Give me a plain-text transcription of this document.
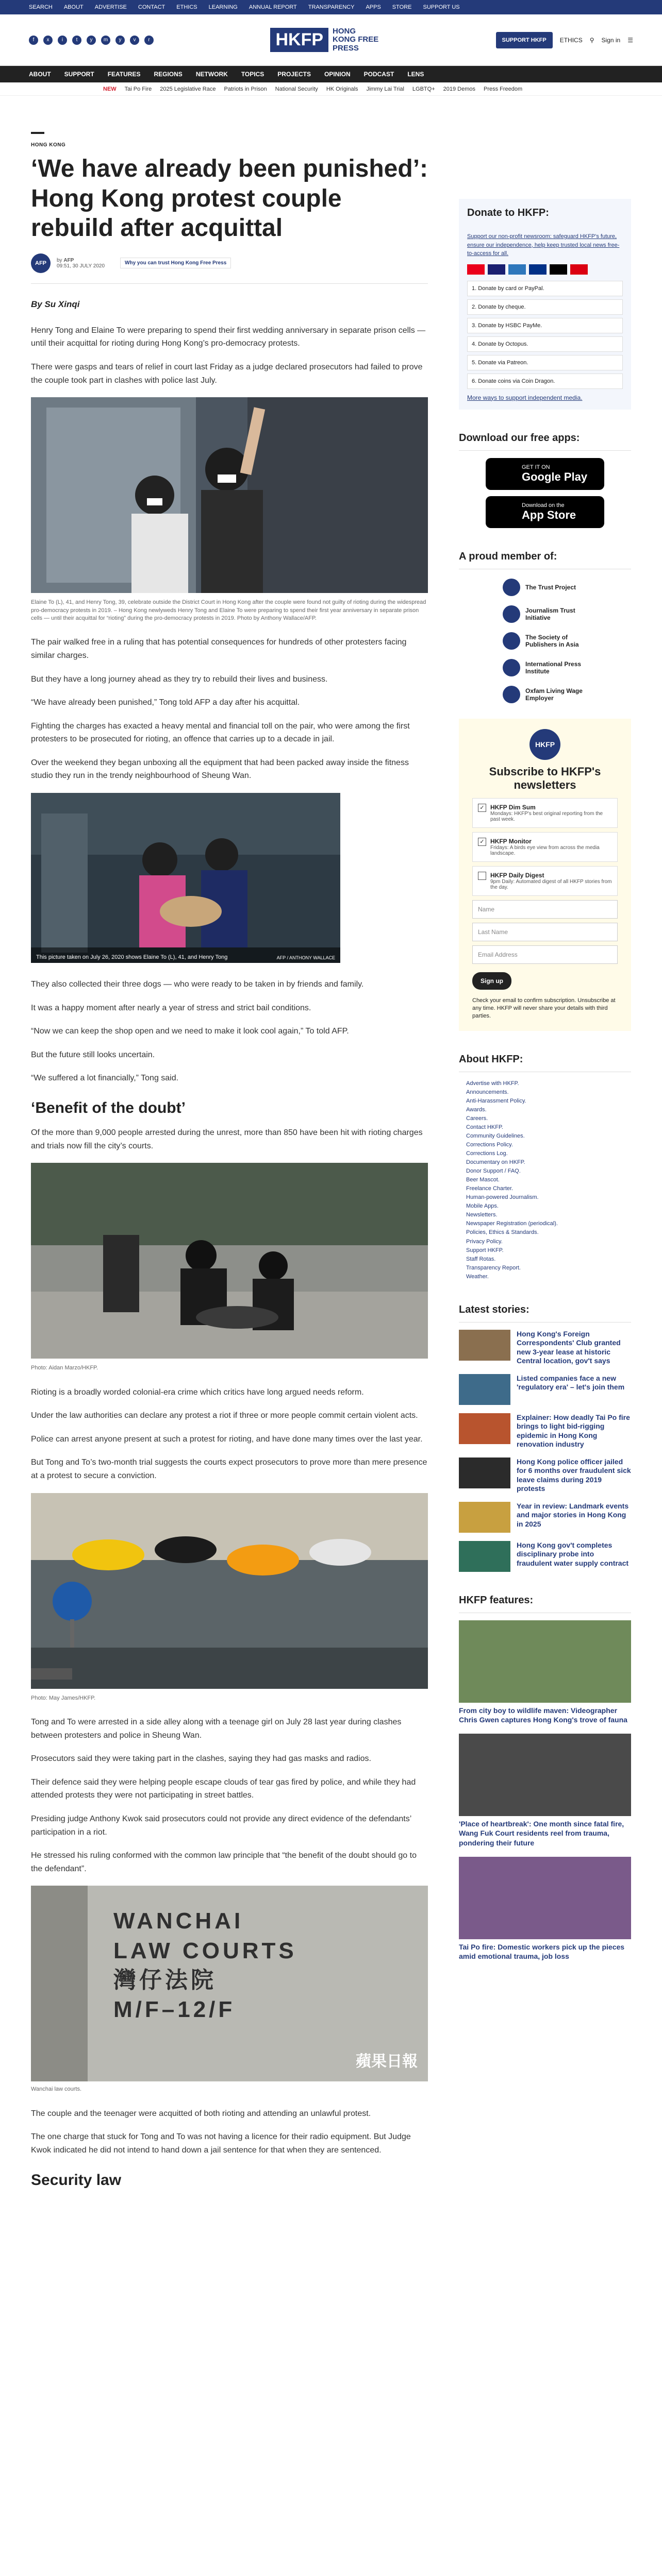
SEARCH ABOUT ADVERTISE CONTACT ETHICS LEARNING ANNUAL REPORT TRANSPARENCY APPS STORE SUPPORT US
f	x	i	t	y	m	y	v	r	HKFP	HONG KONG FREE PRESS
SUPPORT HKFP	ETHICS ⚲ Sign in ☰
ABOUT SUPPORT FEATURES REGIONS NETWORK TOPICS PROJECTS OPINION PODCAST LENS
NEW Tai Po Fire 2025 Legislative Race Patriots in Prison National Security HK Originals Jimmy Lai Trial LGBTQ+ 2019 Demos Press Freedom
HONG KONG
‘We have already been punished’: Hong Kong protest couple rebuild after acquittal
AFP	by AFP
09:51, 30 JULY 2020	Why you can trust Hong Kong Free Press
By Su Xinqi

Henry Tong and Elaine To were preparing to spend their first wedding anniversary in separate prison cells — until their acquittal for rioting during Hong Kong’s pro-democracy protests.

There were gasps and tears of relief in court last Friday as a judge declared prosecutors had failed to prove the couple took part in clashes with police last July.

Elaine To (L), 41, and Henry Tong, 39, celebrate outside the District Court in Hong Kong after the couple were found not guilty of rioting during the widespread pro-democracy protests in 2019. – Hong Kong newlyweds Henry Tong and Elaine To were preparing to spend their first year anniversary in separate prison cells — until their acquittal for “rioting” during the pro-democracy protests in 2019. Photo by Anthony Wallace/AFP.

The pair walked free in a ruling that has potential consequences for hundreds of other protesters facing similar charges.

But they have a long journey ahead as they try to rebuild their lives and business.

“We have already been punished,” Tong told AFP a day after his acquittal.

Fighting the charges has exacted a heavy mental and financial toll on the pair, who were among the first protesters to be prosecuted for rioting, an offence that carries up to a decade in jail.

Over the weekend they began unboxing all the equipment that had been packed away inside the fitness studio they run in the trendy neighbourhood of Sheung Wan.

This picture taken on July 26, 2020 shows Elaine To (L), 41, and Henry Tong	AFP / ANTHONY WALLACE

They also collected their three dogs — who were ready to be taken in by friends and family.

It was a happy moment after nearly a year of stress and strict bail conditions.

“Now we can keep the shop open and we need to make it look cool again,” To told AFP.

But the future still looks uncertain.

“We suffered a lot financially,” Tong said.

‘Benefit of the doubt’

Of the more than 9,000 people arrested during the unrest, more than 850 have been hit with rioting charges and trials now fill the city’s courts.

Photo: Aidan Marzo/HKFP.

Rioting is a broadly worded colonial-era crime which critics have long argued needs reform.

Under the law authorities can declare any protest a riot if three or more people commit certain violent acts.

Police can arrest anyone present at such a protest for rioting, and have done many times over the last year.

But Tong and To’s two-month trial suggests the courts expect prosecutors to prove more than mere presence at a protest to secure a conviction.

Photo: May James/HKFP.

Tong and To were arrested in a side alley along with a teenage girl on July 28 last year during clashes between protesters and police in Sheung Wan.

Prosecutors said they were taking part in the clashes, saying they had gas masks and radios.

Their defence said they were helping people escape clouds of tear gas fired by police, and while they had attended protests they were not participating in street battles.

Presiding judge Anthony Kwok said prosecutors could not provide any direct evidence of the defendants’ participation in a riot.

He stressed his ruling conformed with the common law principle that “the benefit of the doubt should go to the defendant”.

WANCHAI
LAW COURTS
灣仔法院
M/F–12/F
蘋果日報
Wanchai law courts.

The couple and the teenager were acquitted of both rioting and attending an unlawful protest.

The one charge that stuck for Tong and To was not having a licence for their radio equipment. But Judge Kwok indicated he did not intend to hand down a jail sentence for that when they are sentenced.

Security law
Donate to HKFP:
Support our non-profit newsroom: safeguard HKFP's future, ensure our independence, help keep trusted local news free-to-access for all.
1. Donate by card or PayPal.
2. Donate by cheque.
3. Donate by HSBC PayMe.
4. Donate by Octopus.
5. Donate via Patreon.
6. Donate coins via Coin Dragon.
More ways to support independent media.
Download our free apps:
GET IT ON
Google Play
Download on the
App Store
A proud member of:
The Trust Project
Journalism Trust Initiative
The Society of Publishers in Asia
International Press Institute
Oxfam Living Wage Employer
HKFP
Subscribe to HKFP's newsletters
✓ HKFP Dim Sum
Mondays: HKFP's best original reporting from the past week.
✓ HKFP Monitor
Fridays: A birds eye view from across the media landscape.
HKFP Daily Digest
9pm Daily: Automated digest of all HKFP stories from the day.
Name
Last Name
Email Address
Sign up
Check your email to confirm subscription. Unsubscribe at any time. HKFP will never share your details with third parties.
About HKFP:
Advertise with HKFP.
Announcements.
Anti-Harassment Policy.
Awards.
Careers.
Contact HKFP.
Community Guidelines.
Corrections Policy.
Corrections Log.
Documentary on HKFP.
Donor Support / FAQ.
Beer Mascot.
Freelance Charter.
Human-powered Journalism.
Mobile Apps.
Newsletters.
Newspaper Registration (periodical).
Policies, Ethics & Standards.
Privacy Policy.
Support HKFP.
Staff Rotas.
Transparency Report.
Weather.
Latest stories:
Hong Kong's Foreign Correspondents' Club granted new 3-year lease at historic Central location, gov't says
Listed companies face a new 'regulatory era' – let's join them
Explainer: How deadly Tai Po fire brings to light bid-rigging epidemic in Hong Kong renovation industry
Hong Kong police officer jailed for 6 months over fraudulent sick leave claims during 2019 protests
Year in review: Landmark events and major stories in Hong Kong in 2025
Hong Kong gov't completes disciplinary probe into fraudulent water supply contract
HKFP features:
From city boy to wildlife maven: Videographer Chris Gwen captures Hong Kong's trove of fauna
'Place of heartbreak': One month since fatal fire, Wang Fuk Court residents reel from trauma, pondering their future
Tai Po fire: Domestic workers pick up the pieces amid emotional trauma, job loss
